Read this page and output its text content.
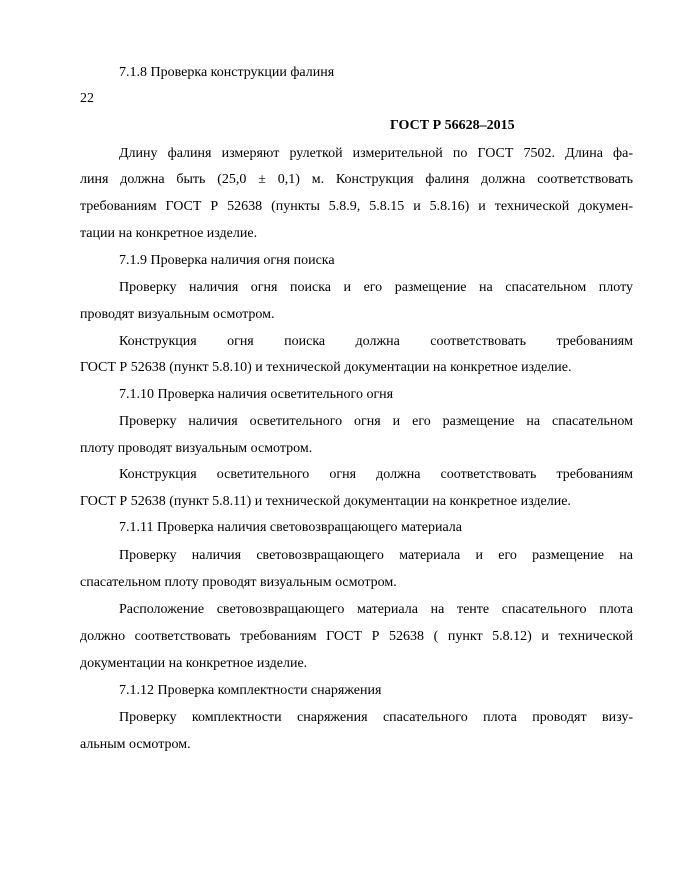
7.1.8 Проверка конструкции фалиня
22
ГОСТ Р 56628–2015
Длину фалиня измеряют рулеткой измерительной по ГОСТ 7502. Длина фа-
линя должна быть (25,0 ± 0,1) м. Конструкция фалиня должна соответствовать
требованиям ГОСТ Р 52638 (пункты 5.8.9, 5.8.15 и 5.8.16) и технической докумен-
тации на конкретное изделие.
7.1.9 Проверка наличия огня поиска
Проверку наличия огня поиска и его размещение на спасательном плоту
проводят визуальным осмотром.
Конструкция огня поиска должна соответствовать требованиям
ГОСТ Р 52638 (пункт 5.8.10) и технической документации на конкретное изделие.
7.1.10 Проверка наличия осветительного огня
Проверку наличия осветительного огня и его размещение на спасательном
плоту проводят визуальным осмотром.
Конструкция осветительного огня должна соответствовать требованиям
ГОСТ Р 52638 (пункт 5.8.11) и технической документации на конкретное изделие.
7.1.11 Проверка наличия световозвращающего материала
Проверку наличия световозвращающего материала и его размещение на
спасательном плоту проводят визуальным осмотром.
Расположение световозвращающего материала на тенте спасательного плота
должно соответствовать требованиям ГОСТ Р 52638 ( пункт 5.8.12) и технической
документации на конкретное изделие.
7.1.12 Проверка комплектности снаряжения
Проверку комплектности снаряжения спасательного плота проводят визу-
альным осмотром.
